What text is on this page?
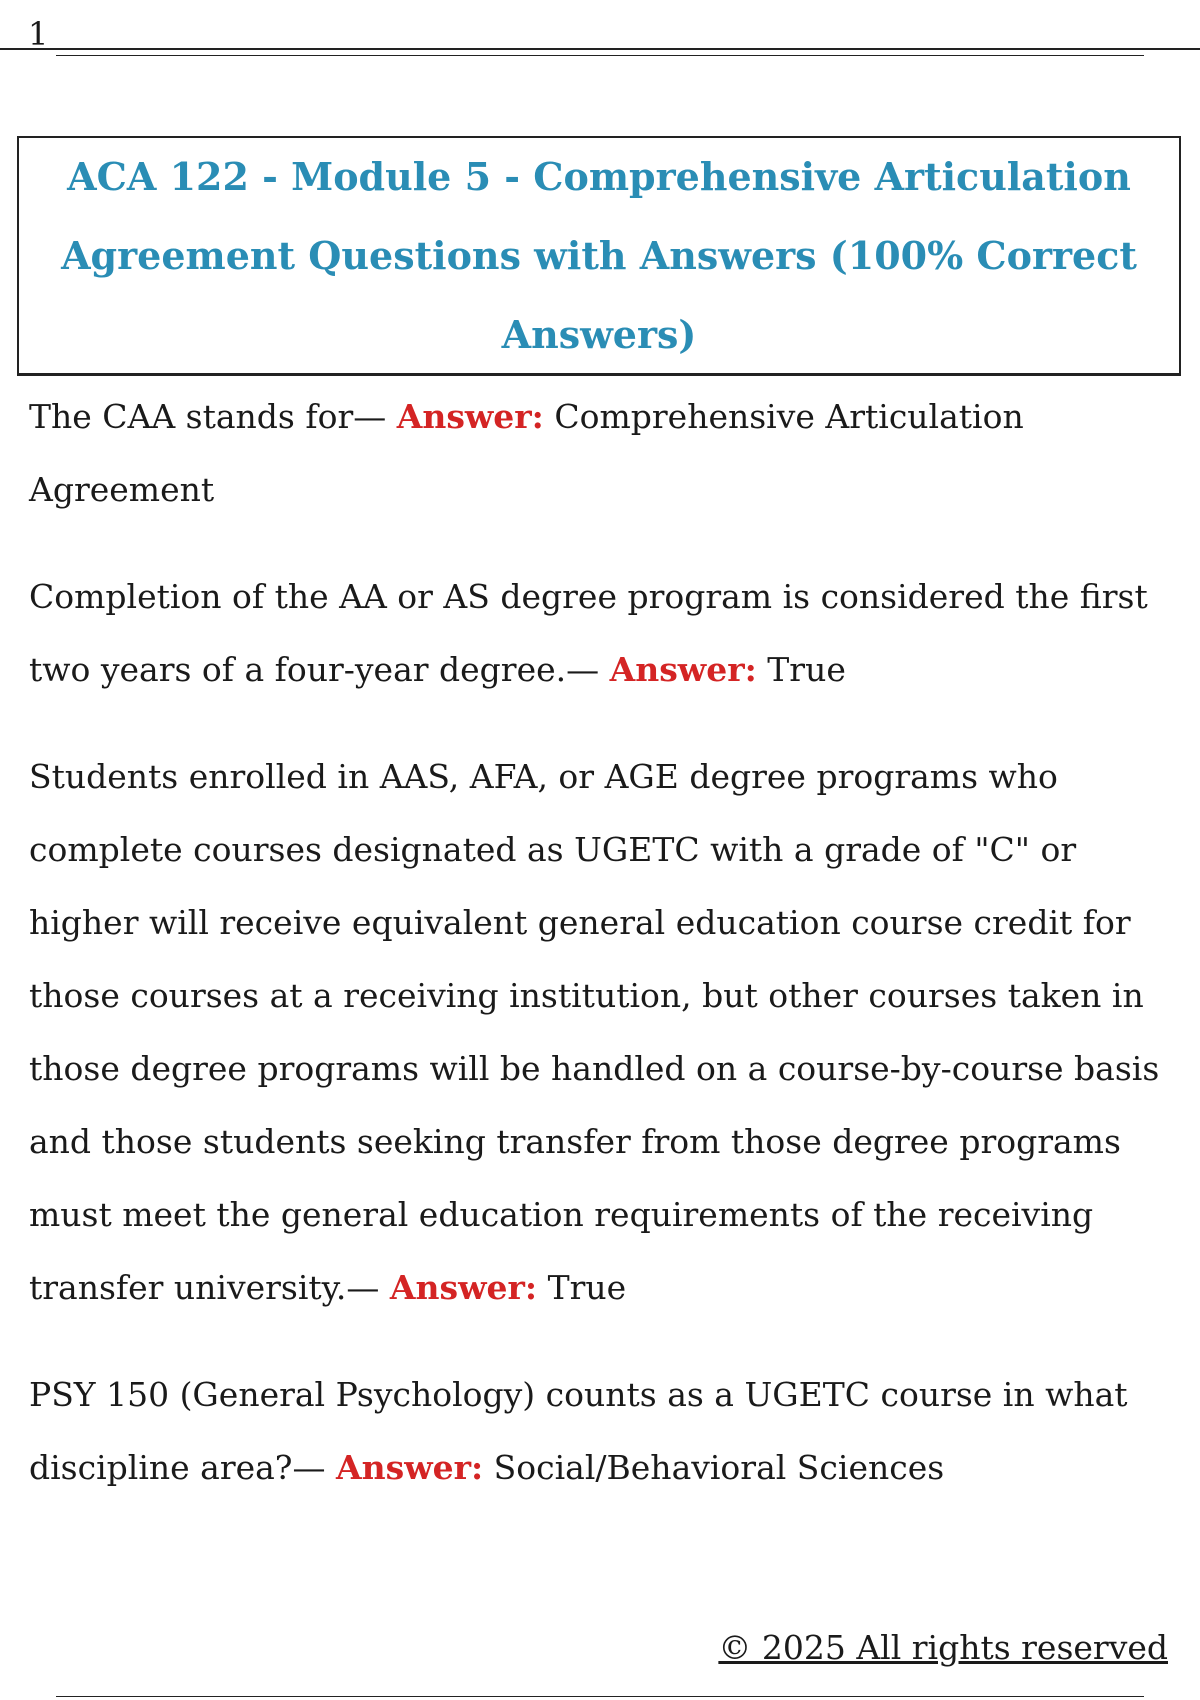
1
ACA 122 - Module 5 - Comprehensive Articulation Agreement Questions with Answers (100% Correct Answers)

The CAA stands for— Answer: Comprehensive Articulation Agreement

Completion of the AA or AS degree program is considered the first two years of a four-year degree.— Answer: True

Students enrolled in AAS, AFA, or AGE degree programs who complete courses designated as UGETC with a grade of "C" or higher will receive equivalent general education course credit for those courses at a receiving institution, but other courses taken in those degree programs will be handled on a course-by-course basis and those students seeking transfer from those degree programs must meet the general education requirements of the receiving transfer university.— Answer: True

PSY 150 (General Psychology) counts as a UGETC course in what discipline area?— Answer: Social/Behavioral Sciences

© 2025 All rights reserved
